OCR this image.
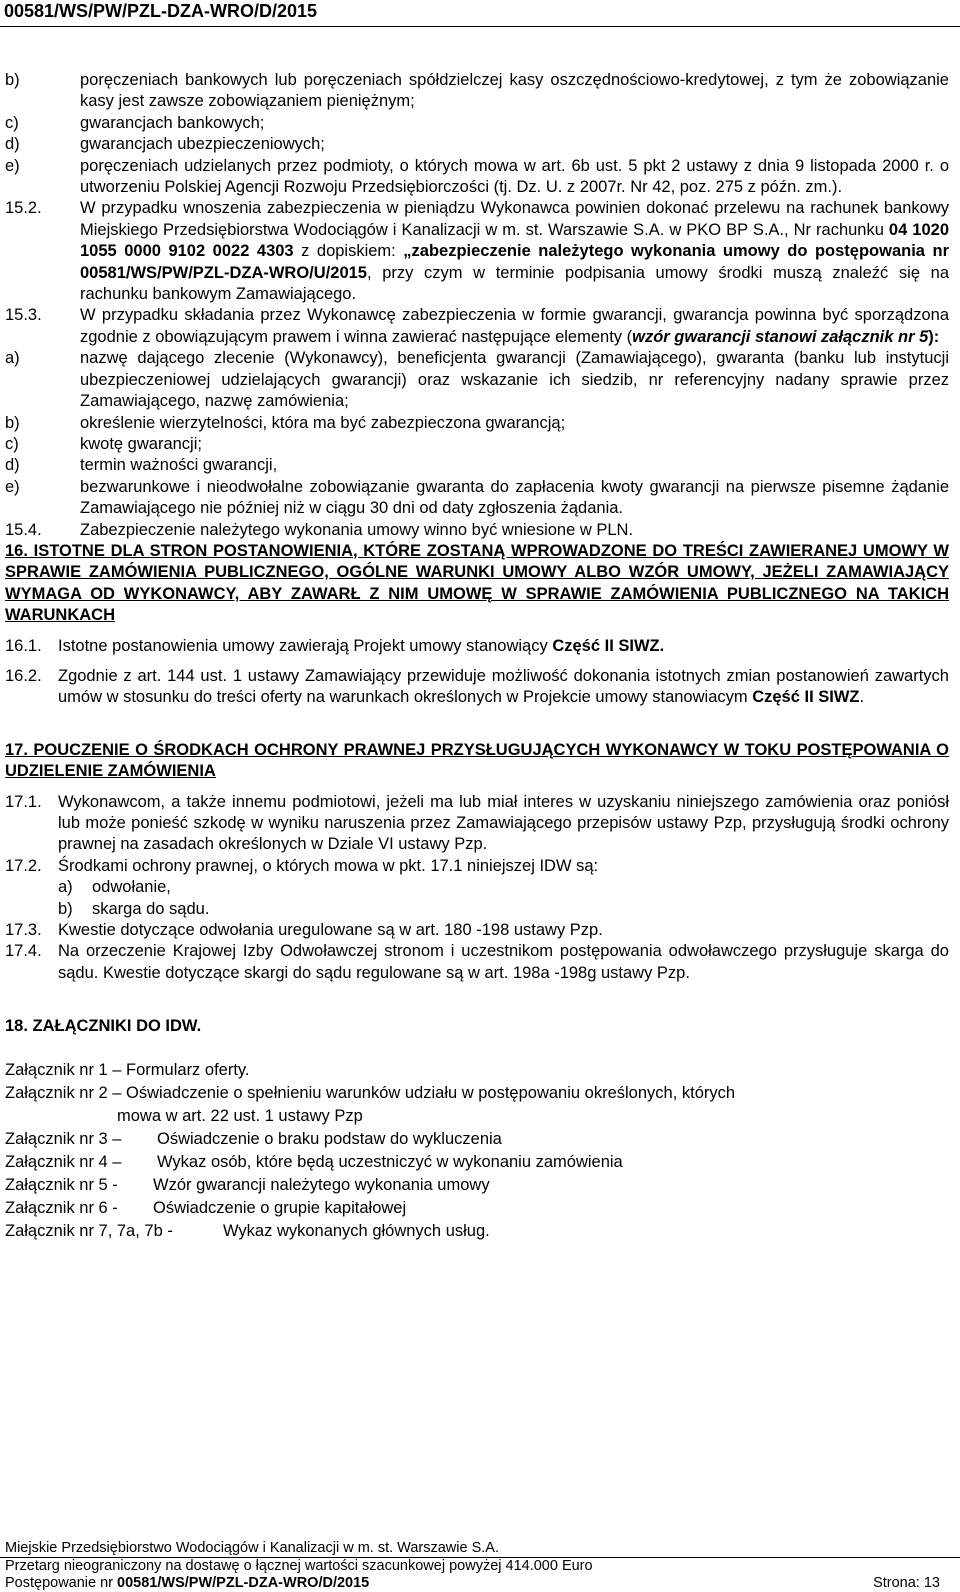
00581/WS/PW/PZL-DZA-WRO/D/2015
b)	poręczeniach bankowych lub poręczeniach spółdzielczej kasy oszczędnościowo-kredytowej, z tym że zobowiązanie kasy jest zawsze zobowiązaniem pieniężnym;
c)	gwarancjach bankowych;
d)	gwarancjach ubezpieczeniowych;
e)	poręczeniach udzielanych przez podmioty, o których mowa w art. 6b ust. 5 pkt 2 ustawy z dnia 9 listopada 2000 r. o utworzeniu Polskiej Agencji Rozwoju Przedsiębiorczości (tj. Dz. U. z 2007r. Nr 42, poz. 275 z późn. zm.).
15.2.	W przypadku wnoszenia zabezpieczenia w pieniądzu Wykonawca powinien dokonać przelewu na rachunek bankowy Miejskiego Przedsiębiorstwa Wodociągów i Kanalizacji w m. st. Warszawie S.A. w PKO BP S.A., Nr rachunku 04 1020 1055 0000 9102 0022 4303 z dopiskiem: „zabezpieczenie należytego wykonania umowy do postępowania nr 00581/WS/PW/PZL-DZA-WRO/U/2015, przy czym w terminie podpisania umowy środki muszą znaleźć się na rachunku bankowym Zamawiającego.
15.3.	W przypadku składania przez Wykonawcę zabezpieczenia w formie gwarancji, gwarancja powinna być sporządzona zgodnie z obowiązującym prawem i winna zawierać następujące elementy (wzór gwarancji stanowi załącznik nr 5):
a)	nazwę dającego zlecenie (Wykonawcy), beneficjenta gwarancji (Zamawiającego), gwaranta (banku lub instytucji ubezpieczeniowej udzielających gwarancji) oraz wskazanie ich siedzib, nr referencyjny nadany sprawie przez Zamawiającego, nazwę zamówienia;
b)	określenie wierzytelności, która ma być zabezpieczona gwarancją;
c)	kwotę gwarancji;
d)	termin ważności gwarancji,
e)	bezwarunkowe i nieodwołalne zobowiązanie gwaranta do zapłacenia kwoty gwarancji na pierwsze pisemne żądanie Zamawiającego nie później niż w ciągu 30 dni od daty zgłoszenia żądania.
15.4.	Zabezpieczenie należytego wykonania umowy winno być wniesione w PLN.
16. ISTOTNE DLA STRON POSTANOWIENIA, KTÓRE ZOSTANĄ WPROWADZONE DO TREŚCI ZAWIERANEJ UMOWY W SPRAWIE ZAMÓWIENIA PUBLICZNEGO, OGÓLNE WARUNKI UMOWY ALBO WZÓR UMOWY, JEŻELI ZAMAWIAJĄCY WYMAGA OD WYKONAWCY, ABY ZAWARŁ Z NIM UMOWĘ W SPRAWIE ZAMÓWIENIA PUBLICZNEGO NA TAKICH WARUNKACH
16.1. Istotne postanowienia umowy zawierają Projekt umowy stanowiący Część II SIWZ.
16.2. Zgodnie z art. 144 ust. 1 ustawy Zamawiający przewiduje możliwość dokonania istotnych zmian postanowień zawartych umów w stosunku do treści oferty na warunkach określonych w Projekcie umowy stanowiacym Część II SIWZ.
17. POUCZENIE O ŚRODKACH OCHRONY PRAWNEJ PRZYSŁUGUJĄCYCH WYKONAWCY W TOKU POSTĘPOWANIA O UDZIELENIE ZAMÓWIENIA
17.1. Wykonawcom, a także innemu podmiotowi, jeżeli ma lub miał interes w uzyskaniu niniejszego zamówienia oraz poniósł lub może ponieść szkodę w wyniku naruszenia przez Zamawiającego przepisów ustawy Pzp, przysługują środki ochrony prawnej na zasadach określonych w Dziale VI ustawy Pzp.
17.2. Środkami ochrony prawnej, o których mowa w pkt. 17.1 niniejszej IDW są:
a)	odwołanie,
b)	skarga do sądu.
17.3. Kwestie dotyczące odwołania uregulowane są w art. 180 -198 ustawy Pzp.
17.4. Na orzeczenie Krajowej Izby Odwoławczej stronom i uczestnikom postępowania odwoławczego przysługuje skarga do sądu. Kwestie dotyczące skargi do sądu regulowane są w art. 198a -198g ustawy Pzp.
18. ZAŁĄCZNIKI DO IDW.
Załącznik nr 1 – Formularz oferty.
Załącznik nr 2 – Oświadczenie o spełnieniu warunków udziału w postępowaniu określonych, których
mowa w art. 22 ust. 1 ustawy Pzp
Załącznik nr 3 – Oświadczenie o braku podstaw do wykluczenia
Załącznik nr 4 – Wykaz osób, które będą uczestniczyć w wykonaniu zamówienia
Załącznik nr 5 - Wzór gwarancji należytego wykonania umowy
Załącznik nr 6 - Oświadczenie o grupie kapitałowej
Załącznik nr 7, 7a, 7b -	Wykaz wykonanych głównych usług.
Miejskie Przedsiębiorstwo Wodociągów i Kanalizacji w m. st. Warszawie S.A.
Przetarg nieograniczony na dostawę o łącznej wartości szacunkowej powyżej 414.000 Euro
Postępowanie nr 00581/WS/PW/PZL-DZA-WRO/D/2015	Strona: 13
